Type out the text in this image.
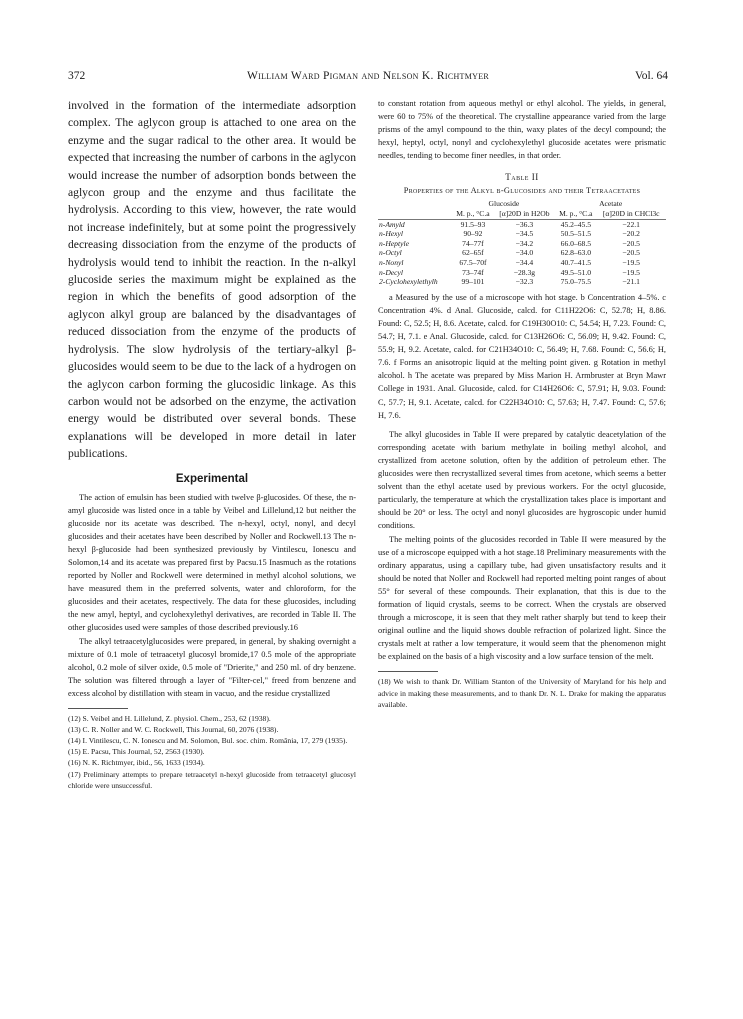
372	William Ward Pigman and Nelson K. Richtmyer	Vol. 64

involved in the formation of the intermediate adsorption complex. The aglycon group is attached to one area on the enzyme and the sugar radical to the other area. It would be expected that increasing the number of carbons in the aglycon would increase the number of adsorption bonds between the aglycon group and the enzyme and thus facilitate the hydrolysis. According to this view, however, the rate would not increase indefinitely, but at some point the progressively decreasing dissociation from the enzyme of the products of hydrolysis would tend to inhibit the reaction. In the n-alkyl glucoside series the maximum might be explained as the region in which the benefits of good adsorption of the aglycon alkyl group are balanced by the disadvantages of reduced dissociation from the enzyme of the products of hydrolysis. The slow hydrolysis of the tertiary-alkyl β-glucosides would seem to be due to the lack of a hydrogen on the aglycon carbon forming the glucosidic linkage. As this carbon would not be adsorbed on the enzyme, the activation energy would be distributed over several bonds. These explanations will be developed in more detail in later publications.

Experimental

The action of emulsin has been studied with twelve β-glucosides. Of these, the n-amyl glucoside was listed once in a table by Veibel and Lillelund,12 but neither the glucoside nor its acetate was described. The n-hexyl, octyl, nonyl, and decyl glucosides and their acetates have been described by Noller and Rockwell.13 The n-hexyl β-glucoside had been synthesized previously by Vintilescu, Ionescu and Solomon,14 and its acetate was prepared first by Pacsu.15 Inasmuch as the rotations reported by Noller and Rockwell were determined in methyl alcohol solutions, we have measured them in the preferred solvents, water and chloroform, for the glucosides and their acetates, respectively. The data for these glucosides, including the new amyl, heptyl, and cyclohexylethyl derivatives, are recorded in Table II. The other glucosides used were samples of those described previously.16

The alkyl tetraacetylglucosides were prepared, in general, by shaking overnight a mixture of 0.1 mole of tetraacetyl glucosyl bromide,17 0.5 mole of the appropriate alcohol, 0.2 mole of silver oxide, 0.5 mole of "Drierite," and 250 ml. of dry benzene. The solution was filtered through a layer of "Filter-cel," freed from benzene and excess alcohol by distillation with steam in vacuo, and the residue crystallized

(12) S. Veibel and H. Lillelund, Z. physiol. Chem., 253, 62 (1938).

(13) C. R. Noller and W. C. Rockwell, This Journal, 60, 2076 (1938).

(14) I. Vintilescu, C. N. Ionescu and M. Solomon, Bul. soc. chim. România, 17, 279 (1935).

(15) E. Pacsu, This Journal, 52, 2563 (1930).

(16) N. K. Richtmyer, ibid., 56, 1633 (1934).

(17) Preliminary attempts to prepare tetraacetyl n-hexyl glucoside from tetraacetyl glucosyl chloride were unsuccessful.

to constant rotation from aqueous methyl or ethyl alcohol. The yields, in general, were 60 to 75% of the theoretical. The crystalline appearance varied from the large prisms of the amyl compound to the thin, waxy plates of the decyl compound; the hexyl, heptyl, octyl, nonyl and cyclohexylethyl glucoside acetates were prismatic needles, tending to become finer needles, in that order.

Table II
Properties of the Alkyl β-Glucosides and their Tetraacetates
	Glucoside		Acetate	
	M. p., °C.a	[α]20D in H2Ob	M. p., °C.a	[α]20D in CHCl3c
n-Amyld	91.5–93	−36.3	45.2–45.5	−22.1
n-Hexyl	90–92	−34.5	50.5–51.5	−20.2
n-Heptyle	74–77f	−34.2	66.0–68.5	−20.5
n-Octyl	62–65f	−34.0	62.8–63.0	−20.5
n-Nonyl	67.5–70f	−34.4	40.7–41.5	−19.5
n-Decyl	73–74f	−28.3g	49.5–51.0	−19.5
2-Cyclohexylethylh	99–101	−32.3	75.0–75.5	−21.1

a Measured by the use of a microscope with hot stage. b Concentration 4–5%. c Concentration 4%. d Anal. Glucoside, calcd. for C11H22O6: C, 52.78; H, 8.86. Found: C, 52.5; H, 8.6. Acetate, calcd. for C19H30O10: C, 54.54; H, 7.23. Found: C, 54.7; H, 7.1. e Anal. Glucoside, calcd. for C13H26O6: C, 56.09; H, 9.42. Found: C, 55.9; H, 9.2. Acetate, calcd. for C21H34O10: C, 56.49; H, 7.68. Found: C, 56.6; H, 7.6. f Forms an anisotropic liquid at the melting point given. g Rotation in methyl alcohol. h The acetate was prepared by Miss Marion H. Armbruster at Bryn Mawr College in 1931. Anal. Glucoside, calcd. for C14H26O6: C, 57.91; H, 9.03. Found: C, 57.7; H, 9.1. Acetate, calcd. for C22H34O10: C, 57.63; H, 7.47. Found: C, 57.6; H, 7.6.

The alkyl glucosides in Table II were prepared by catalytic deacetylation of the corresponding acetate with barium methylate in boiling methyl alcohol, and crystallized from acetone solution, often by the addition of petroleum ether. The glucosides were then recrystallized several times from acetone, which seems a better solvent than the ethyl acetate used by previous workers. For the octyl glucoside, particularly, the temperature at which the crystallization takes place is important and should be 20° or less. The octyl and nonyl glucosides are hygroscopic under humid conditions.

The melting points of the glucosides recorded in Table II were measured by the use of a microscope equipped with a hot stage.18 Preliminary measurements with the ordinary apparatus, using a capillary tube, had given unsatisfactory results and it should be noted that Noller and Rockwell had reported melting point ranges of about 55° for several of these compounds. Their explanation, that this is due to the formation of liquid crystals, seems to be correct. When the crystals are observed through a microscope, it is seen that they melt rather sharply but tend to keep their original outline and the liquid shows double refraction of polarized light. Since the crystals melt at rather a low temperature, it would seem that the phenomenon might be explained on the basis of a high viscosity and a low surface tension of the melt.

(18) We wish to thank Dr. William Stanton of the University of Maryland for his help and advice in making these measurements, and to thank Dr. N. L. Drake for making the apparatus available.
